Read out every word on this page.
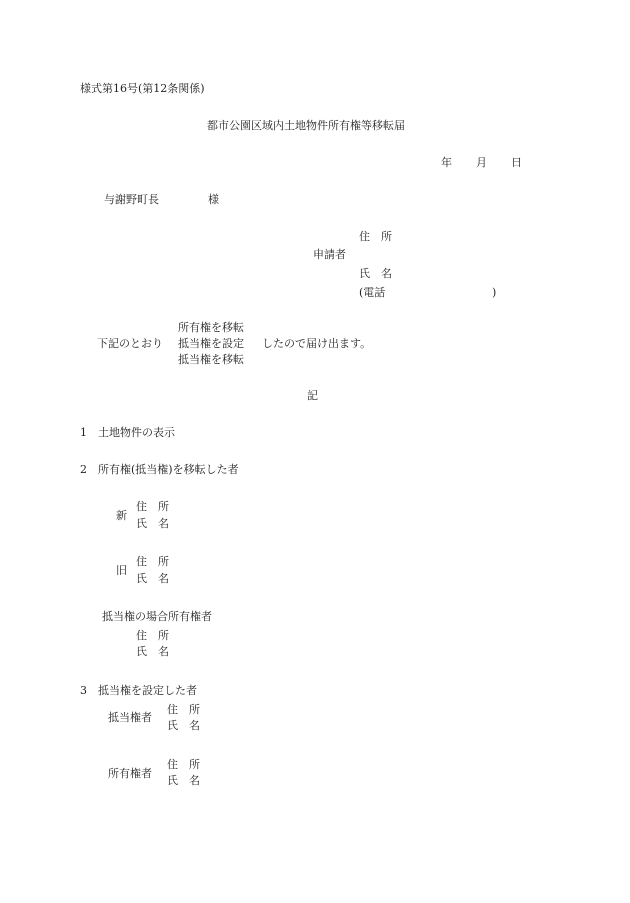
様式第16号(第12条関係)
都市公園区域内土地物件所有権等移転届
年 月 日
与謝野町長	様
住　所
申請者
氏　名
(電話	)
所有権を移転
下記のとおり 抵当権を設定 したので届け出ます。
抵当権を移転
記
1　土地物件の表示
2　所有権(抵当権)を移転した者
新
住　所
氏　名
旧
住　所
氏　名
抵当権の場合所有権者
住　所
氏　名
3　抵当権を設定した者
抵当権者
住　所
氏　名
所有権者
住　所
氏　名
